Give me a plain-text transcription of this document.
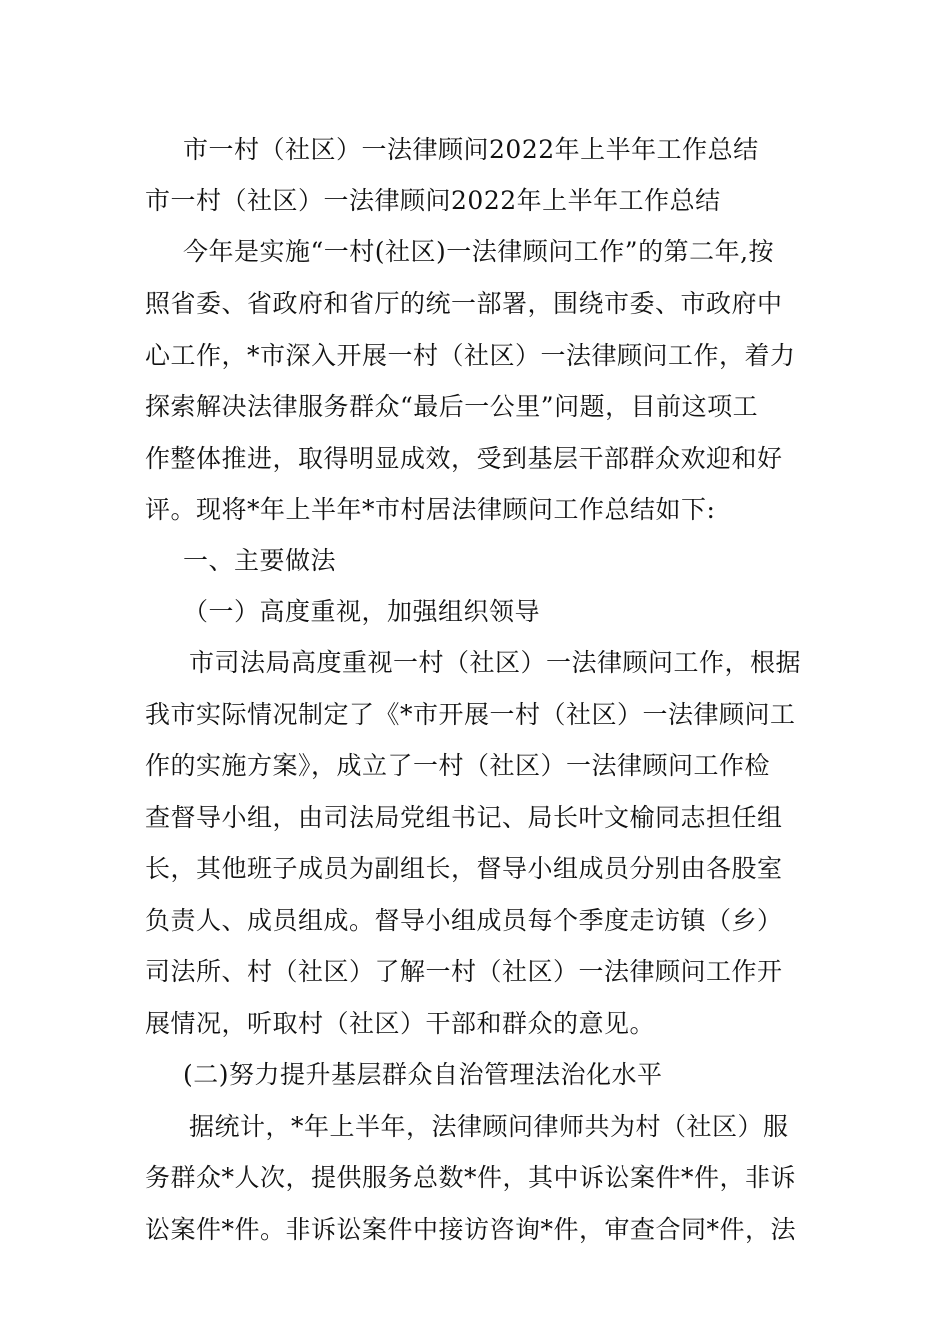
市一村（社区）一法律顾问2022年上半年工作总结
市一村（社区）一法律顾问2022年上半年工作总结
今年是实施“一村(社区)一法律顾问工作”的第二年,按
照省委、省政府和省厅的统一部署，围绕市委、市政府中
心工作，*市深入开展一村（社区）一法律顾问工作，着力
探索解决法律服务群众“最后一公里”问题，目前这项工
作整体推进，取得明显成效，受到基层干部群众欢迎和好
评。现将*年上半年*市村居法律顾问工作总结如下:
一、主要做法
（一）高度重视，加强组织领导
市司法局高度重视一村（社区）一法律顾问工作，根据
我市实际情况制定了《*市开展一村（社区）一法律顾问工
作的实施方案》，成立了一村（社区）一法律顾问工作检
查督导小组，由司法局党组书记、局长叶文榆同志担任组
长，其他班子成员为副组长，督导小组成员分别由各股室
负责人、成员组成。督导小组成员每个季度走访镇（乡）
司法所、村（社区）了解一村（社区）一法律顾问工作开
展情况，听取村（社区）干部和群众的意见。
(二)努力提升基层群众自治管理法治化水平
据统计，*年上半年，法律顾问律师共为村（社区）服
务群众*人次，提供服务总数*件，其中诉讼案件*件，非诉
讼案件*件。非诉讼案件中接访咨询*件，审查合同*件，法
